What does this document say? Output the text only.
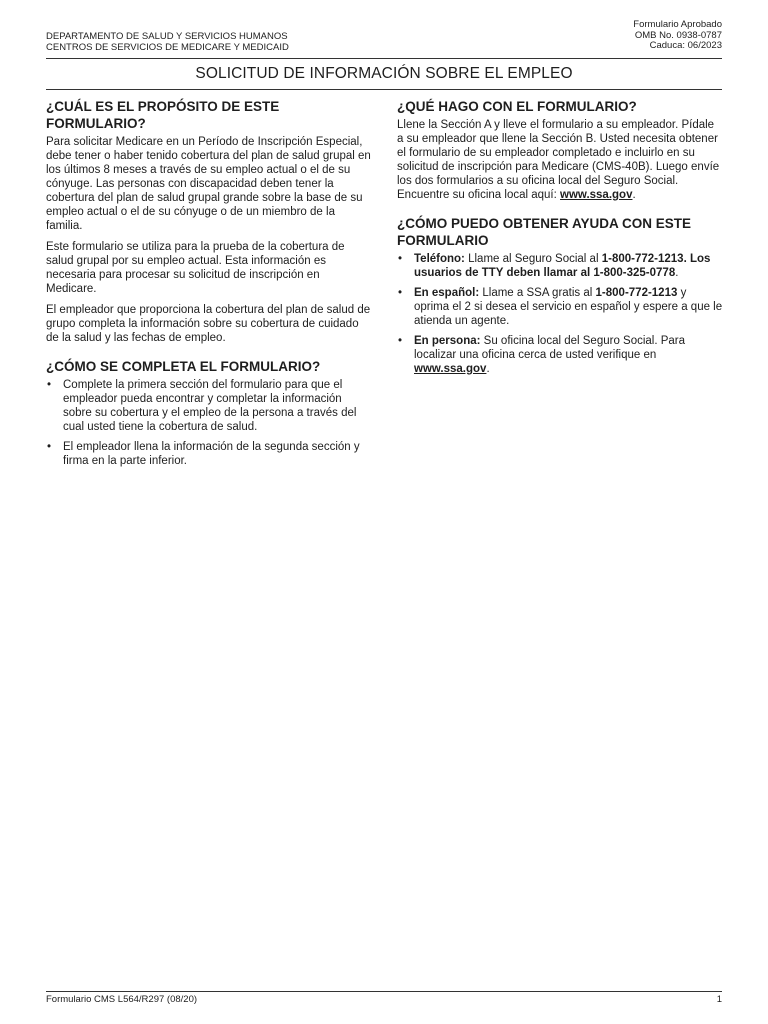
DEPARTAMENTO DE SALUD Y SERVICIOS HUMANOS
CENTROS DE SERVICIOS DE MEDICARE Y MEDICAID
Formulario Aprobado
OMB No. 0938-0787
Caduca: 06/2023
SOLICITUD DE INFORMACIÓN SOBRE EL EMPLEO
¿CUÁL ES EL PROPÓSITO DE ESTE FORMULARIO?

Para solicitar Medicare en un Período de Inscripción Especial, debe tener o haber tenido cobertura del plan de salud grupal en los últimos 8 meses a través de su empleo actual o el de su cónyuge. Las personas con discapacidad deben tener la cobertura del plan de salud grupal grande sobre la base de su empleo actual o el de su cónyuge o de un miembro de la familia.

Este formulario se utiliza para la prueba de la cobertura de salud grupal por su empleo actual. Esta información es necesaria para procesar su solicitud de inscripción en Medicare.

El empleador que proporciona la cobertura del plan de salud de grupo completa la información sobre su cobertura de cuidado de la salud y las fechas de empleo.

¿CÓMO SE COMPLETA EL FORMULARIO?
• Complete la primera sección del formulario para que el empleador pueda encontrar y completar la información sobre su cobertura y el empleo de la persona a través del cual usted tiene la cobertura de salud.
• El empleador llena la información de la segunda sección y firma en la parte inferior.
¿QUÉ HAGO CON EL FORMULARIO?

Llene la Sección A y lleve el formulario a su empleador. Pídale a su empleador que llene la Sección B. Usted necesita obtener el formulario de su empleador completado e incluirlo en su solicitud de inscripción para Medicare (CMS-40B). Luego envíe los dos formularios a su oficina local del Seguro Social. Encuentre su oficina local aquí: www.ssa.gov.

¿CÓMO PUEDO OBTENER AYUDA CON ESTE FORMULARIO
• Teléfono: Llame al Seguro Social al 1-800-772-1213. Los usuarios de TTY deben llamar al 1-800-325-0778.
• En español: Llame a SSA gratis al 1-800-772-1213 y oprima el 2 si desea el servicio en español y espere a que le atienda un agente.
• En persona: Su oficina local del Seguro Social. Para localizar una oficina cerca de usted verifique en www.ssa.gov.
Formulario CMS L564/R297 (08/20)	1
